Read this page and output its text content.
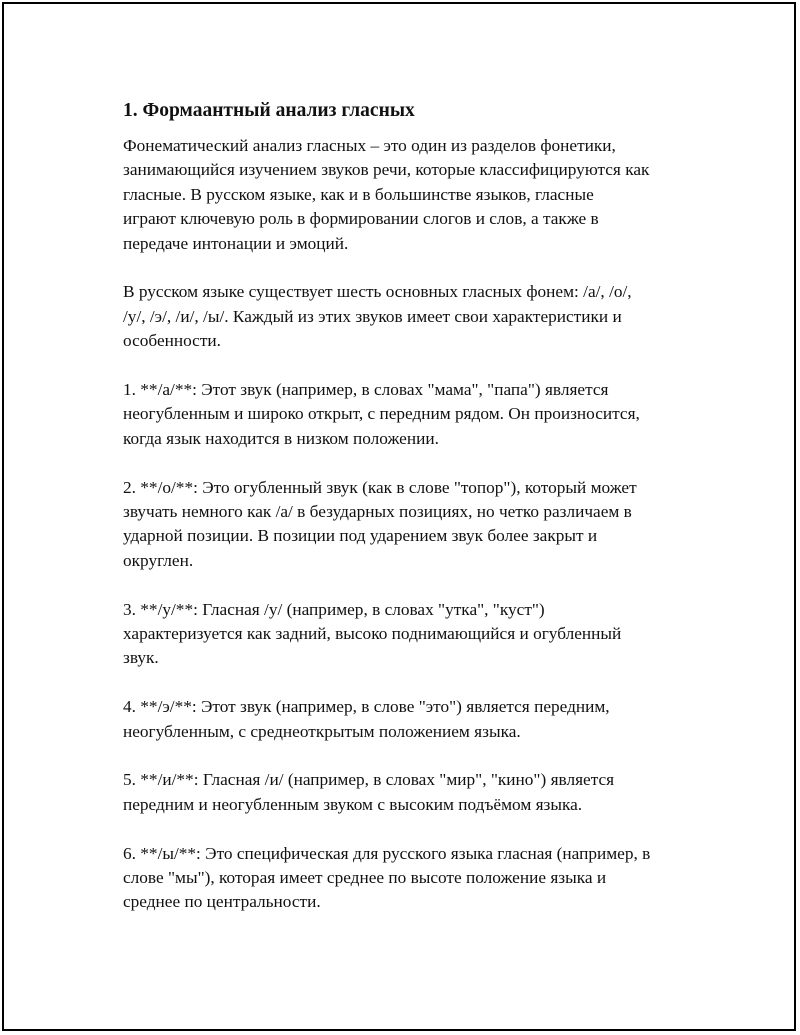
1. Формаантный анализ гласных

Фонематический анализ гласных – это один из разделов фонетики,
занимающийся изучением звуков речи, которые классифицируются как
гласные. В русском языке, как и в большинстве языков, гласные
играют ключевую роль в формировании слогов и слов, а также в
передаче интонации и эмоций.

В русском языке существует шесть основных гласных фонем: /а/, /о/,
/у/, /э/, /и/, /ы/. Каждый из этих звуков имеет свои характеристики и
особенности.

1. **/а/**: Этот звук (например, в словах "мама", "папа") является
неогубленным и широко открыт, с передним рядом. Он произносится,
когда язык находится в низком положении.

2. **/о/**: Это огубленный звук (как в слове "топор"), который может
звучать немного как /а/ в безударных позициях, но четко различаем в
ударной позиции. В позиции под ударением звук более закрыт и
округлен.

3. **/у/**: Гласная /у/ (например, в словах "утка", "куст")
характеризуется как задний, высоко поднимающийся и огубленный
звук.

4. **/э/**: Этот звук (например, в слове "это") является передним,
неогубленным, с среднеоткрытым положением языка.

5. **/и/**: Гласная /и/ (например, в словах "мир", "кино") является
передним и неогубленным звуком с высоким подъёмом языка.

6. **/ы/**: Это специфическая для русского языка гласная (например, в
слове "мы"), которая имеет среднее по высоте положение языка и
среднее по центральности.
